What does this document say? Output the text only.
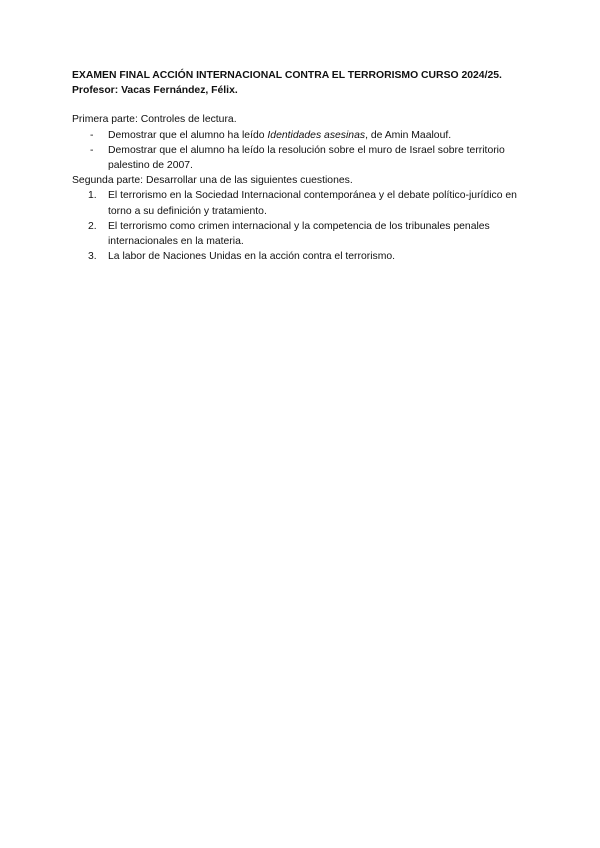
EXAMEN FINAL ACCIÓN INTERNACIONAL CONTRA EL TERRORISMO CURSO 2024/25.

Profesor: Vacas Fernández, Félix.

Primera parte: Controles de lectura.

- Demostrar que el alumno ha leído Identidades asesinas, de Amin Maalouf.
- Demostrar que el alumno ha leído la resolución sobre el muro de Israel sobre territorio palestino de 2007.

Segunda parte: Desarrollar una de las siguientes cuestiones.

1. El terrorismo en la Sociedad Internacional contemporánea y el debate político-jurídico en torno a su definición y tratamiento.
2. El terrorismo como crimen internacional y la competencia de los tribunales penales internacionales en la materia.
3. La labor de Naciones Unidas en la acción contra el terrorismo.
